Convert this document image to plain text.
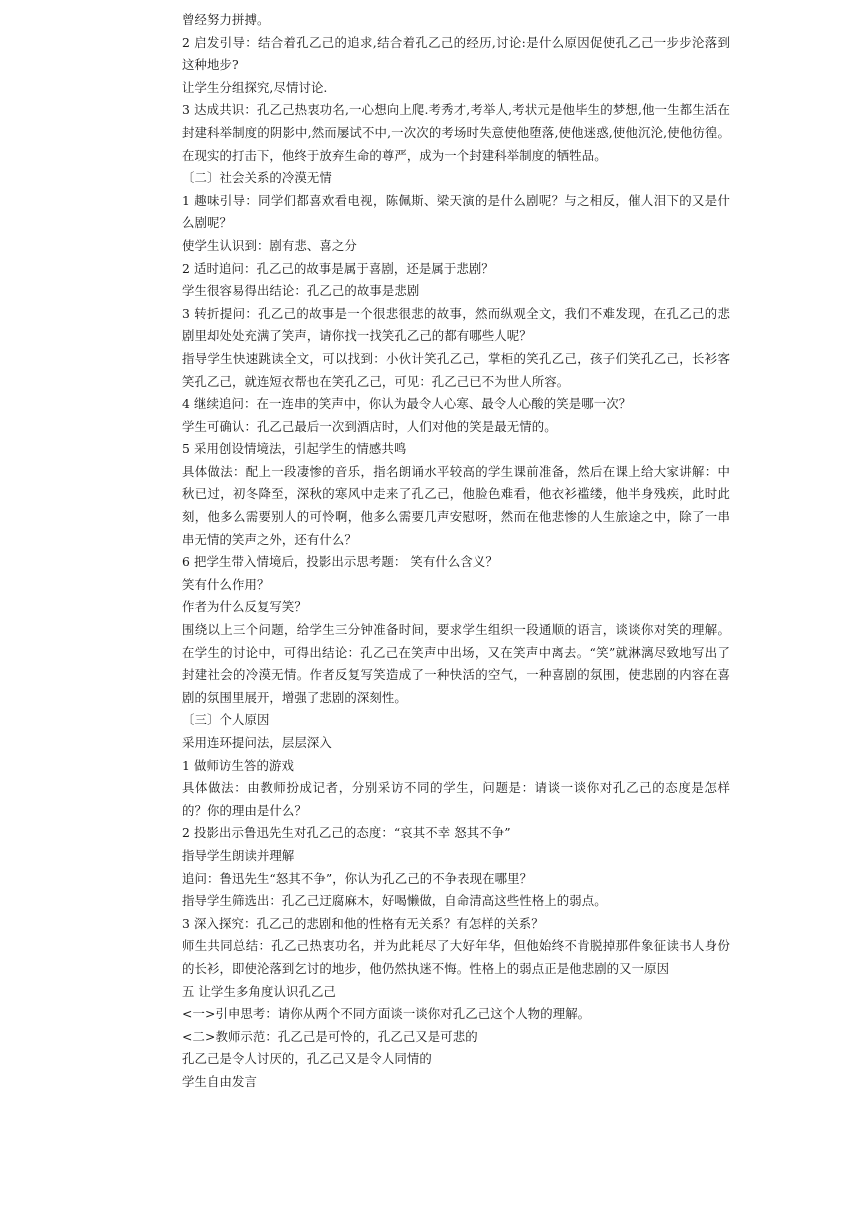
曾经努力拼搏。

2 启发引导：结合着孔乙己的追求,结合着孔乙己的经历,讨论:是什么原因促使孔乙己一步步沦落到这种地步?

让学生分组探究,尽情讨论.

3 达成共识：孔乙己热衷功名,一心想向上爬.考秀才,考举人,考状元是他毕生的梦想,他一生都生活在封建科举制度的阴影中,然而屡试不中,一次次的考场时失意使他堕落,使他迷惑,使他沉沦,使他彷徨。在现实的打击下，他终于放弃生命的尊严，成为一个封建科举制度的牺牲品。

〔二〕社会关系的冷漠无情

1 趣味引导：同学们都喜欢看电视，陈佩斯、梁天演的是什么剧呢？与之相反，催人泪下的又是什么剧呢？

使学生认识到：剧有悲、喜之分

2 适时追问：孔乙己的故事是属于喜剧，还是属于悲剧？

学生很容易得出结论：孔乙己的故事是悲剧

3 转折提问：孔乙己的故事是一个很悲很悲的故事，然而纵观全文，我们不难发现，在孔乙己的悲剧里却处处充满了笑声，请你找一找笑孔乙己的都有哪些人呢？

指导学生快速跳读全文，可以找到：小伙计笑孔乙己，掌柜的笑孔乙己，孩子们笑孔乙己，长衫客笑孔乙己，就连短衣帮也在笑孔乙己，可见：孔乙己已不为世人所容。

4 继续追问：在一连串的笑声中，你认为最令人心寒、最令人心酸的笑是哪一次？

学生可确认：孔乙己最后一次到酒店时，人们对他的笑是最无情的。

5 采用创设情境法，引起学生的情感共鸣

具体做法：配上一段凄惨的音乐，指名朗诵水平较高的学生课前准备，然后在课上给大家讲解：中秋已过，初冬降至，深秋的寒风中走来了孔乙己，他脸色难看，他衣衫褴缕，他半身残疾，此时此刻，他多么需要别人的可怜啊，他多么需要几声安慰呀，然而在他悲惨的人生旅途之中，除了一串串无情的笑声之外，还有什么？

6 把学生带入情境后，投影出示思考题： 笑有什么含义？

笑有什么作用？

作者为什么反复写笑？

围绕以上三个问题，给学生三分钟准备时间，要求学生组织一段通顺的语言，谈谈你对笑的理解。在学生的讨论中，可得出结论：孔乙己在笑声中出场，又在笑声中离去。“笑”就淋漓尽致地写出了封建社会的冷漠无情。作者反复写笑造成了一种快活的空气，一种喜剧的氛围，使悲剧的内容在喜剧的氛围里展开，增强了悲剧的深刻性。

〔三〕个人原因

采用连环提问法，层层深入

1 做师访生答的游戏

具体做法：由教师扮成记者，分别采访不同的学生，问题是：请谈一谈你对孔乙己的态度是怎样的？你的理由是什么？

2 投影出示鲁迅先生对孔乙己的态度：“哀其不幸 怒其不争”

指导学生朗读并理解

追问：鲁迅先生“怒其不争”，你认为孔乙己的不争表现在哪里？

指导学生筛选出：孔乙己迂腐麻木，好喝懒做，自命清高这些性格上的弱点。

3 深入探究：孔乙己的悲剧和他的性格有无关系？有怎样的关系？

师生共同总结：孔乙己热衷功名，并为此耗尽了大好年华，但他始终不肯脱掉那件象征读书人身份的长衫，即使沦落到乞讨的地步，他仍然执迷不悔。性格上的弱点正是他悲剧的又一原因

五 让学生多角度认识孔乙己

<一>引申思考：请你从两个不同方面谈一谈你对孔乙己这个人物的理解。

<二>教师示范：孔乙己是可怜的，孔乙己又是可悲的

孔乙己是令人讨厌的，孔乙己又是令人同情的

学生自由发言
